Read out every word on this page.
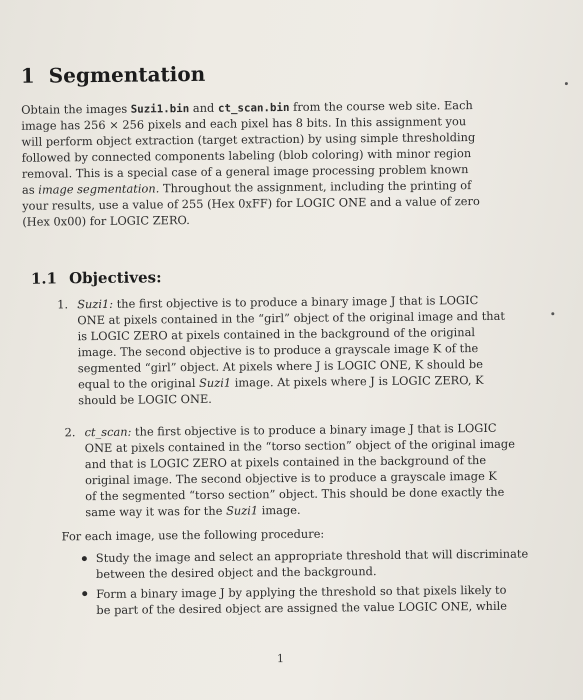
1 Segmentation
Obtain the images Suzi1.bin and ct_scan.bin from the course web site. Each
image has 256 × 256 pixels and each pixel has 8 bits. In this assignment you
will perform object extraction (target extraction) by using simple thresholding
followed by connected components labeling (blob coloring) with minor region
removal. This is a special case of a general image processing problem known
as image segmentation. Throughout the assignment, including the printing of
your results, use a value of 255 (Hex 0xFF) for LOGIC ONE and a value of zero
(Hex 0x00) for LOGIC ZERO.
1.1 Objectives:
1. Suzi1: the first objective is to produce a binary image J that is LOGIC
ONE at pixels contained in the “girl” object of the original image and that
is LOGIC ZERO at pixels contained in the background of the original
image. The second objective is to produce a grayscale image K of the
segmented “girl” object. At pixels where J is LOGIC ONE, K should be
equal to the original Suzi1 image. At pixels where J is LOGIC ZERO, K
should be LOGIC ONE.
2. ct_scan: the first objective is to produce a binary image J that is LOGIC
ONE at pixels contained in the “torso section” object of the original image
and that is LOGIC ZERO at pixels contained in the background of the
original image. The second objective is to produce a grayscale image K
of the segmented “torso section” object. This should be done exactly the
same way it was for the Suzi1 image.
For each image, use the following procedure:
Study the image and select an appropriate threshold that will discriminate
between the desired object and the background.
Form a binary image J by applying the threshold so that pixels likely to
be part of the desired object are assigned the value LOGIC ONE, while
1
